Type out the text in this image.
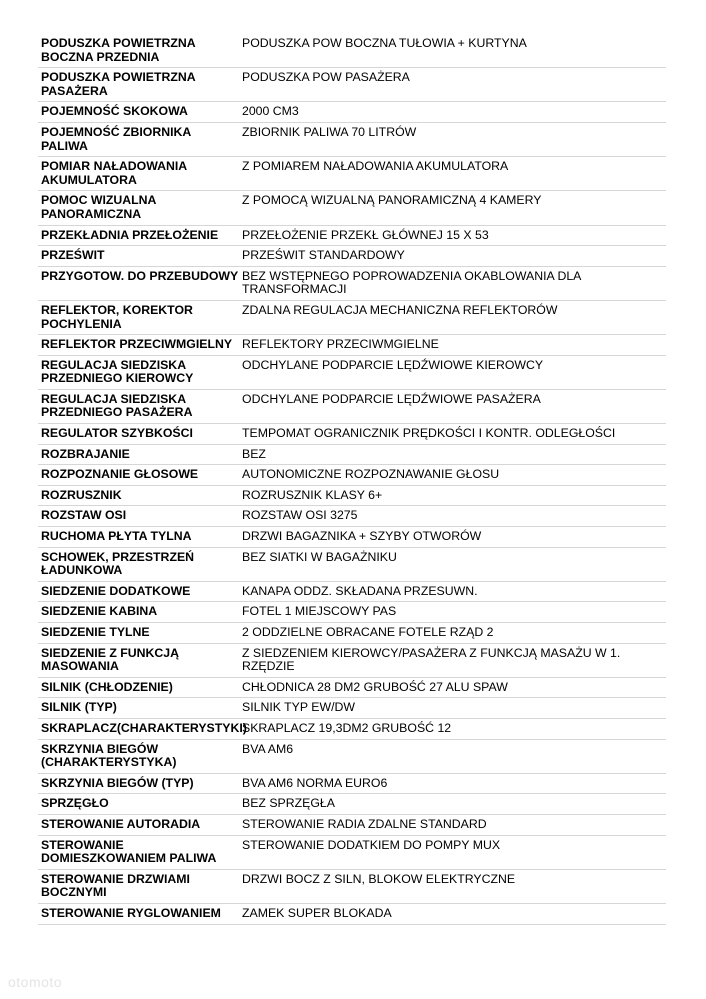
PODUSZKA POWIETRZNA BOCZNA PRZEDNIA	PODUSZKA POW BOCZNA TUŁOWIA + KURTYNA
PODUSZKA POWIETRZNA PASAŻERA	PODUSZKA POW PASAŻERA
POJEMNOŚĆ SKOKOWA	2000 CM3
POJEMNOŚĆ ZBIORNIKA PALIWA	ZBIORNIK PALIWA 70 LITRÓW
POMIAR NAŁADOWANIA AKUMULATORA	Z POMIAREM NAŁADOWANIA AKUMULATORA
POMOC WIZUALNA PANORAMICZNA	Z POMOCĄ WIZUALNĄ PANORAMICZNĄ 4 KAMERY
PRZEKŁADNIA PRZEŁOŻENIE	PRZEŁOŻENIE PRZEKŁ GŁÓWNEJ 15 X 53
PRZEŚWIT	PRZEŚWIT STANDARDOWY
PRZYGOTOW. DO PRZEBUDOWY	BEZ WSTĘPNEGO POPROWADZENIA OKABLOWANIA DLA TRANSFORMACJI
REFLEKTOR, KOREKTOR POCHYLENIA	ZDALNA REGULACJA MECHANICZNA REFLEKTORÓW
REFLEKTOR PRZECIWMGIELNY	REFLEKTORY PRZECIWMGIELNE
REGULACJA SIEDZISKA PRZEDNIEGO KIEROWCY	ODCHYLANE PODPARCIE LĘDŹWIOWE KIEROWCY
REGULACJA SIEDZISKA PRZEDNIEGO PASAŻERA	ODCHYLANE PODPARCIE LĘDŹWIOWE PASAŻERA
REGULATOR SZYBKOŚCI	TEMPOMAT OGRANICZNIK PRĘDKOŚCI I KONTR. ODLEGŁOŚCI
ROZBRAJANIE	BEZ
ROZPOZNANIE GŁOSOWE	AUTONOMICZNE ROZPOZNAWANIE GŁOSU
ROZRUSZNIK	ROZRUSZNIK KLASY 6+
ROZSTAW OSI	ROZSTAW OSI 3275
RUCHOMA PŁYTA TYLNA	DRZWI BAGAZNIKA + SZYBY OTWORÓW
SCHOWEK, PRZESTRZEŃ ŁADUNKOWA	BEZ SIATKI W BAGAŻNIKU
SIEDZENIE DODATKOWE	KANAPA ODDZ. SKŁADANA PRZESUWN.
SIEDZENIE KABINA	FOTEL 1 MIEJSCOWY PAS
SIEDZENIE TYLNE	2 ODDZIELNE OBRACANE FOTELE RZĄD 2
SIEDZENIE Z FUNKCJĄ MASOWANIA	Z SIEDZENIEM KIEROWCY/PASAŻERA Z FUNKCJĄ MASAŻU W 1. RZĘDZIE
SILNIK (CHŁODZENIE)	CHŁODNICA 28 DM2 GRUBOŚĆ 27 ALU SPAW
SILNIK (TYP)	SILNIK TYP EW/DW
SKRAPLACZ(CHARAKTERYSTYKI)	SKRAPLACZ 19,3DM2 GRUBOŚĆ 12
SKRZYNIA BIEGÓW (CHARAKTERYSTYKA)	BVA AM6
SKRZYNIA BIEGÓW (TYP)	BVA AM6 NORMA EURO6
SPRZĘGŁO	BEZ SPRZĘGŁA
STEROWANIE AUTORADIA	STEROWANIE RADIA ZDALNE STANDARD
STEROWANIE DOMIESZKOWANIEM PALIWA	STEROWANIE DODATKIEM DO POMPY MUX
STEROWANIE DRZWIAMI BOCZNYMI	DRZWI BOCZ Z SILN, BLOKOW ELEKTRYCZNE
STEROWANIE RYGLOWANIEM	ZAMEK SUPER BLOKADA
otomoto
